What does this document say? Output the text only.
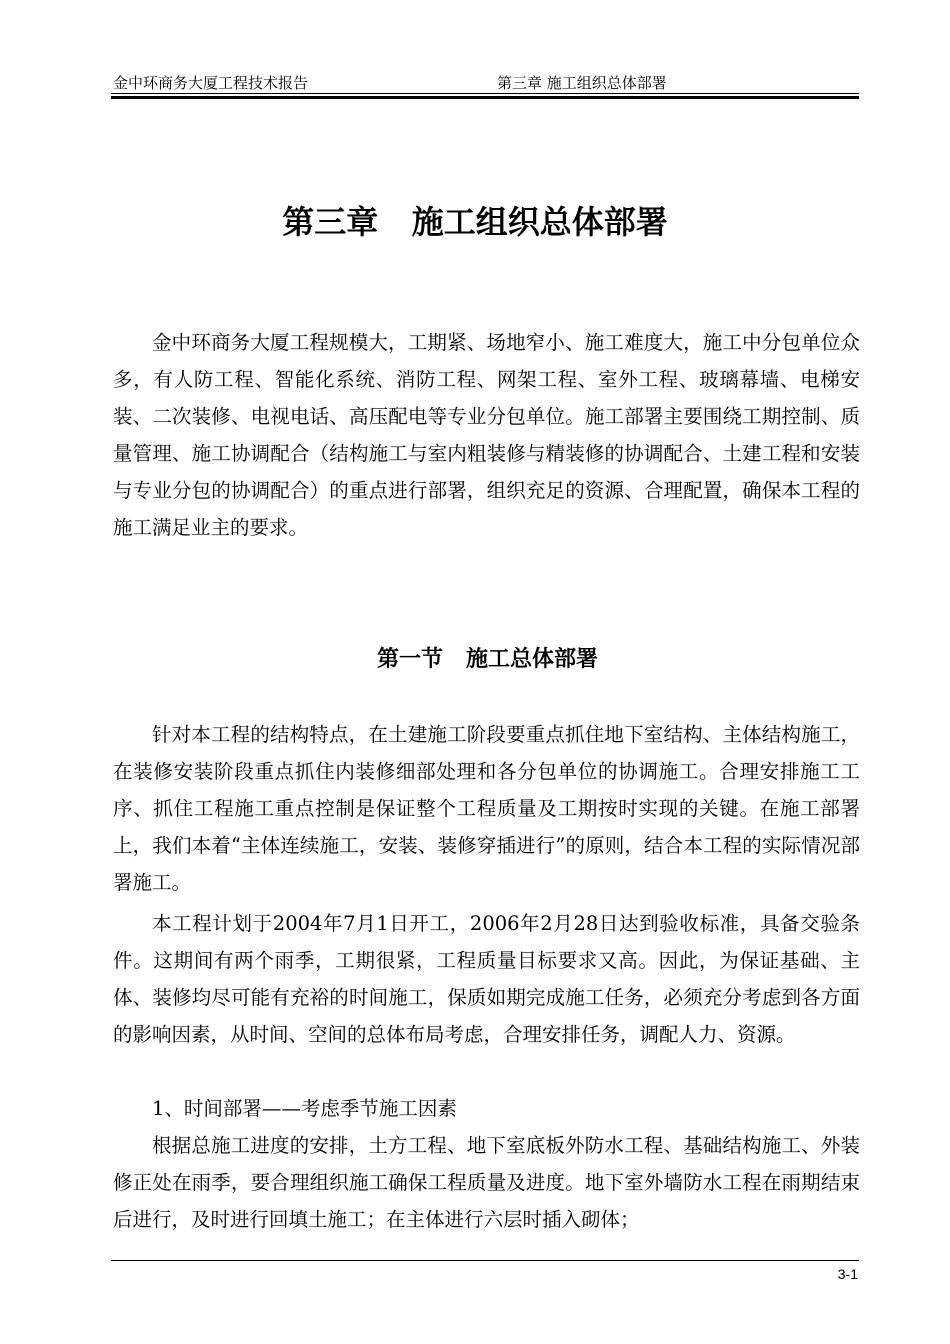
金中环商务大厦工程技术报告	第三章 施工组织总体部署
第三章   施工组织总体部署

金中环商务大厦工程规模大，工期紧、场地窄小、施工难度大，施工中分包单位众多，有人防工程、智能化系统、消防工程、网架工程、室外工程、玻璃幕墙、电梯安装、二次装修、电视电话、高压配电等专业分包单位。施工部署主要围绕工期控制、质量管理、施工协调配合（结构施工与室内粗装修与精装修的协调配合、土建工程和安装与专业分包的协调配合）的重点进行部署，组织充足的资源、合理配置，确保本工程的施工满足业主的要求。

第一节   施工总体部署

针对本工程的结构特点，在土建施工阶段要重点抓住地下室结构、主体结构施工，在装修安装阶段重点抓住内装修细部处理和各分包单位的协调施工。合理安排施工工序、抓住工程施工重点控制是保证整个工程质量及工期按时实现的关键。在施工部署上，我们本着“主体连续施工，安装、装修穿插进行”的原则，结合本工程的实际情况部署施工。

本工程计划于2004年7月1日开工，2006年2月28日达到验收标准，具备交验条件。这期间有两个雨季，工期很紧，工程质量目标要求又高。因此，为保证基础、主体、装修均尽可能有充裕的时间施工，保质如期完成施工任务，必须充分考虑到各方面的影响因素，从时间、空间的总体布局考虑，合理安排任务，调配人力、资源。

1、时间部署——考虑季节施工因素

根据总施工进度的安排，土方工程、地下室底板外防水工程、基础结构施工、外装修正处在雨季，要合理组织施工确保工程质量及进度。地下室外墙防水工程在雨期结束后进行，及时进行回填土施工；在主体进行六层时插入砌体；

3-1
